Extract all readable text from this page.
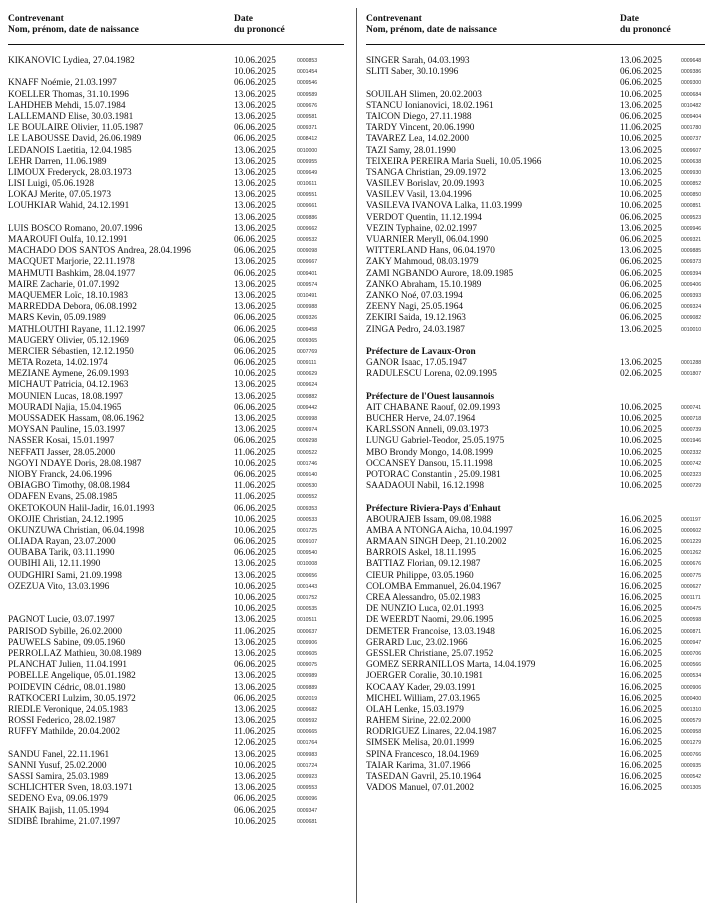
Contrevenant
Nom, prénom, date de naissance
Date
du prononcé
KIKANOVIC Lydiea, 27.04.1982	10.06.2025	0000853
10.06.2025	0001454
KNAFF Noémie, 21.03.1997	06.06.2025	0009546
KOELLER Thomas, 31.10.1996	13.06.2025	0009589
LAHDHEB Mehdi, 15.07.1984	13.06.2025	0009676
LALLEMAND Elise, 30.03.1981	13.06.2025	0009581
LE BOULAIRE Olivier, 11.05.1987	06.06.2025	0009371
LE LABOUSSE David, 26.06.1989	06.06.2025	0008412
LEDANOIS Laetitia, 12.04.1985	13.06.2025	0010000
LEHR Darren, 11.06.1989	13.06.2025	0009955
LIMOUX Frederyck, 28.03.1973	13.06.2025	0009649
LISI Luigi, 05.06.1928	13.06.2025	0010611
LOKAJ Merite, 07.05.1973	13.06.2025	0009551
LOUHKIAR Wahid, 24.12.1991	13.06.2025	0009661
13.06.2025	0009886
LUIS BOSCO Romano, 20.07.1996	13.06.2025	0009662
MAAROUFI Oulfa, 10.12.1991	06.06.2025	0009532
MACHADO DOS SANTOS Andrea, 28.04.1996	06.06.2025	0009098
MACQUET Marjorie, 22.11.1978	13.06.2025	0009667
MAHMUTI Bashkim, 28.04.1977	06.06.2025	0009401
MAIRE Zacharie, 01.07.1992	13.06.2025	0009574
MAQUEMER Loïc, 18.10.1983	13.06.2025	0010491
MARREDDA Debora, 06.08.1992	13.06.2025	0009988
MARS Kevin, 05.09.1989	06.06.2025	0009326
MATHLOUTHI Rayane, 11.12.1997	06.06.2025	0009458
MAUGERY Olivier, 05.12.1969	06.06.2025	0009365
MERCIER Sébastien, 12.12.1950	06.06.2025	0007769
META Rozeta, 14.02.1974	06.06.2025	0009111
MEZIANE Aymene, 26.09.1993	10.06.2025	0000629
MICHAUT Patricia, 04.12.1963	13.06.2025	0009624
MOUNIEN Lucas, 18.08.1997	13.06.2025	0009882
MOURADI Najia, 15.04.1965	06.06.2025	0009442
MOUSSADEK Hassam, 08.06.1962	13.06.2025	0009998
MOYSAN Pauline, 15.03.1997	13.06.2025	0009974
NASSER Kosai, 15.01.1997	06.06.2025	0009298
NEFFATI Jasser, 28.05.2000	11.06.2025	0000522
NGOYI NDAYE Doris, 28.08.1987	10.06.2025	0001746
NIOBY Franck, 24.06.1996	06.06.2025	0009140
OBIAGBO Timothy, 08.08.1984	11.06.2025	0000530
ODAFEN Evans, 25.08.1985	11.06.2025	0000552
OKETOKOUN Halil-Jadir, 16.01.1993	06.06.2025	0009353
OKOJIE Christian, 24.12.1995	10.06.2025	0000533
OKUNZUWA Christian, 06.04.1998	10.06.2025	0001725
OLIADA Rayan, 23.07.2000	06.06.2025	0009107
OUBABA Tarik, 03.11.1990	06.06.2025	0009540
OUBIHI Ali, 12.11.1990	13.06.2025	0010008
OUDGHIRI Sami, 21.09.1998	13.06.2025	0009656
OZEZUA Vito, 13.03.1996	10.06.2025	0001443
10.06.2025	0001752
10.06.2025	0000535
PAGNOT Lucie, 03.07.1997	13.06.2025	0010511
PARISOD Sybille, 26.02.2000	11.06.2025	0000637
PAUWELS Sabine, 09.05.1960	13.06.2025	0009906
PERROLLAZ Mathieu, 30.08.1989	13.06.2025	0009605
PLANCHAT Julien, 11.04.1991	06.06.2025	0009075
POBELLE Angelique, 05.01.1982	13.06.2025	0009989
POIDEVIN Cédric, 08.01.1980	13.06.2025	0009889
RATKOCERI Lulzim, 30.05.1972	06.06.2025	0002019
RIEDLE Veronique, 24.05.1983	13.06.2025	0009682
ROSSI Federico, 28.02.1987	13.06.2025	0009592
RUFFY Mathilde, 20.04.2002	11.06.2025	0000665
12.06.2025	0001764
SANDU Fanel, 22.11.1961	13.06.2025	0009983
SANNI Yusuf, 25.02.2000	10.06.2025	0001724
SASSI Samira, 25.03.1989	13.06.2025	0009923
SCHLICHTER Sven, 18.03.1971	13.06.2025	0009553
SEDENO Eva, 09.06.1979	06.06.2025	0009096
SHAIK Bajish, 11.05.1994	06.06.2025	0009347
SIDIBÉ Ibrahime, 21.07.1997	10.06.2025	0000681
Contrevenant
Nom, prénom, date de naissance
Date
du prononcé
SINGER Sarah, 04.03.1993	13.06.2025	0009648
SLITI Saber, 30.10.1996	06.06.2025	0009386
06.06.2025	0009300
SOUILAH Slimen, 20.02.2003	10.06.2025	0000684
STANCU Ionianovici, 18.02.1961	13.06.2025	0010482
TAICON Diego, 27.11.1988	06.06.2025	0009404
TARDY Vincent, 20.06.1990	11.06.2025	0001780
TAVAREZ Lea, 14.02.2000	10.06.2025	0000737
TAZI Samy, 28.01.1990	13.06.2025	0009607
TEIXEIRA PEREIRA Maria Sueli, 10.05.1966	10.06.2025	0000638
TSANGA Christian, 29.09.1972	13.06.2025	0009930
VASILEV Borislav, 20.09.1993	10.06.2025	0000852
VASILEV Vasil, 13.04.1996	10.06.2025	0000850
VASILEVA IVANOVA Lalka, 11.03.1999	10.06.2025	0000851
VERDOT Quentin, 11.12.1994	06.06.2025	0009523
VEZIN Typhaine, 02.02.1997	13.06.2025	0009946
VUARNIER Meryll, 06.04.1990	06.06.2025	0009321
WITTERLAND Hans, 06.04.1970	13.06.2025	0009885
ZAKY Mahmoud, 08.03.1979	06.06.2025	0009373
ZAMI NGBANDO Aurore, 18.09.1985	06.06.2025	0009394
ZANKO Abraham, 15.10.1989	06.06.2025	0009406
ZANKO Noé, 07.03.1994	06.06.2025	0009393
ZEENY Nagi, 25.05.1964	06.06.2025	0009324
ZEKIRI Saida, 19.12.1963	06.06.2025	0009082
ZINGA Pedro, 24.03.1987	13.06.2025	0010010
Préfecture de Lavaux-Oron
GANOR Isaac, 17.05.1947	13.06.2025	0001288
RADULESCU Lorena, 02.09.1995	02.06.2025	0001807
Préfecture de l'Ouest lausannois
AIT CHABANE Raouf, 02.09.1993	10.06.2025	0000741
BUCHER Herve, 24.07.1964	10.06.2025	0000718
KARLSSON Anneli, 09.03.1973	10.06.2025	0000739
LUNGU Gabriel-Teodor, 25.05.1975	10.06.2025	0001946
MBO Brondy Mongo, 14.08.1999	10.06.2025	0002332
OCCANSEY Dansou, 15.11.1998	10.06.2025	0000742
POTORAC Constantin , 25.09.1981	10.06.2025	0002323
SAADAOUI Nabil, 16.12.1998	10.06.2025	0000729
Préfecture Riviera-Pays d'Enhaut
ABOURAJEB Issam, 09.08.1988	16.06.2025	0001197
AMBA A NTONGA Aicha, 10.04.1997	16.06.2025	0000602
ARMAAN SINGH Deep, 21.10.2002	16.06.2025	0001229
BARROIS Askel, 18.11.1995	16.06.2025	0001262
BATTIAZ Florian, 09.12.1987	16.06.2025	0000676
CIEUR Philippe, 03.05.1960	16.06.2025	0000775
COLOMBA Emmanuel, 26.04.1967	16.06.2025	0000627
CREA Alessandro, 05.02.1983	16.06.2025	0001171
DE NUNZIO Luca, 02.01.1993	16.06.2025	0000475
DE WEERDT Naomi, 29.06.1995	16.06.2025	0000598
DEMETER Francoise, 13.03.1948	16.06.2025	0000871
GERARD Luc, 23.02.1966	16.06.2025	0000947
GESSLER Christiane, 25.07.1952	16.06.2025	0000706
GOMEZ SERRANILLOS Marta, 14.04.1979	16.06.2025	0000566
JOERGER Coralie, 30.10.1981	16.06.2025	0000534
KOCAAY Kader, 29.03.1991	16.06.2025	0000906
MICHEL William, 27.03.1965	16.06.2025	0000400
OLAH Lenke, 15.03.1979	16.06.2025	0001310
RAHEM Sirine, 22.02.2000	16.06.2025	0000579
RODRIGUEZ Linares, 22.04.1987	16.06.2025	0000958
SIMSEK Melisa, 20.01.1999	16.06.2025	0001279
SPINA Francesco, 18.04.1969	16.06.2025	0000766
TAIAR Karima, 31.07.1966	16.06.2025	0000935
TASEDAN Gavril, 25.10.1964	16.06.2025	0000542
VADOS Manuel, 07.01.2002	16.06.2025	0001305
